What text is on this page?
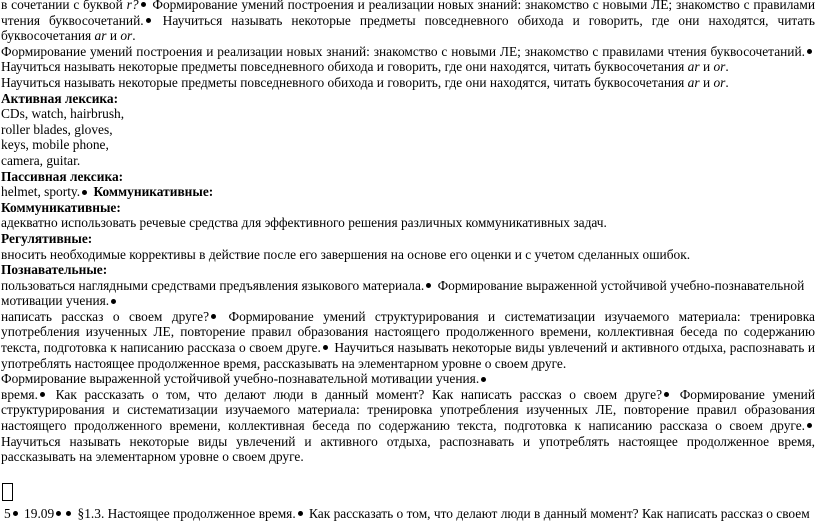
в сочетании с буквой r? Формирование умений построения и реализации новых знаний: знакомство с новыми ЛЕ; знакомство с правилами чтения буквосочетаний. Научиться называть некоторые предметы повседневного обихода и говорить, где они находятся, читать буквосочетания ar и or.

Формирование умений построения и реализации новых знаний: знакомство с новыми ЛЕ; знакомство с правилами чтения буквосочетаний. Научиться называть некоторые предметы повседневного обихода и говорить, где они находятся, читать буквосочетания ar и or.

Научиться называть некоторые предметы повседневного обихода и говорить, где они находятся, читать буквосочетания ar и or.

Активная лексика:

CDs, watch, hairbrush,

roller blades, gloves,

keys, mobile phone,

camera, guitar.

Пассивная лексика:

helmet, sporty. Коммуникативные:

Коммуникативные:

адекватно использовать речевые средства для эффективного решения различных коммуникативных задач.

Регулятивные:

вносить необходимые коррективы в действие после его завершения на основе его оценки и с учетом сделанных ошибок.

Познавательные:

пользоваться наглядными средствами предъявления языкового материала. Формирование выраженной устойчивой учебно-познавательной мотивации учения.

написать рассказ о своем друге? Формирование умений структурирования и систематизации изучаемого материала: тренировка употребления изученных ЛЕ, повторение правил образования настоящего продолженного времени, коллективная беседа по содержанию текста, подготовка к написанию рассказа о своем друге. Научиться называть некоторые виды увлечений и активного отдыха, распознавать и употреблять настоящее продолженное время, рассказывать на элементарном уровне о своем друге.

Формирование выраженной устойчивой учебно-познавательной мотивации учения.

время. Как рассказать о том, что делают люди в данный момент? Как написать рассказ о своем друге? Формирование умений структурирования и систематизации изучаемого материала: тренировка употребления изученных ЛЕ, повторение правил образования настоящего продолженного времени, коллективная беседа по содержанию текста, подготовка к написанию рассказа о своем друге. Научиться называть некоторые виды увлечений и активного отдыха, распознавать и употреблять настоящее продолженное время, рассказывать на элементарном уровне о своем друге.

5 19.09 §1.3. Настоящее продолженное время. Как рассказать о том, что делают люди в данный момент? Как написать рассказ о своем
